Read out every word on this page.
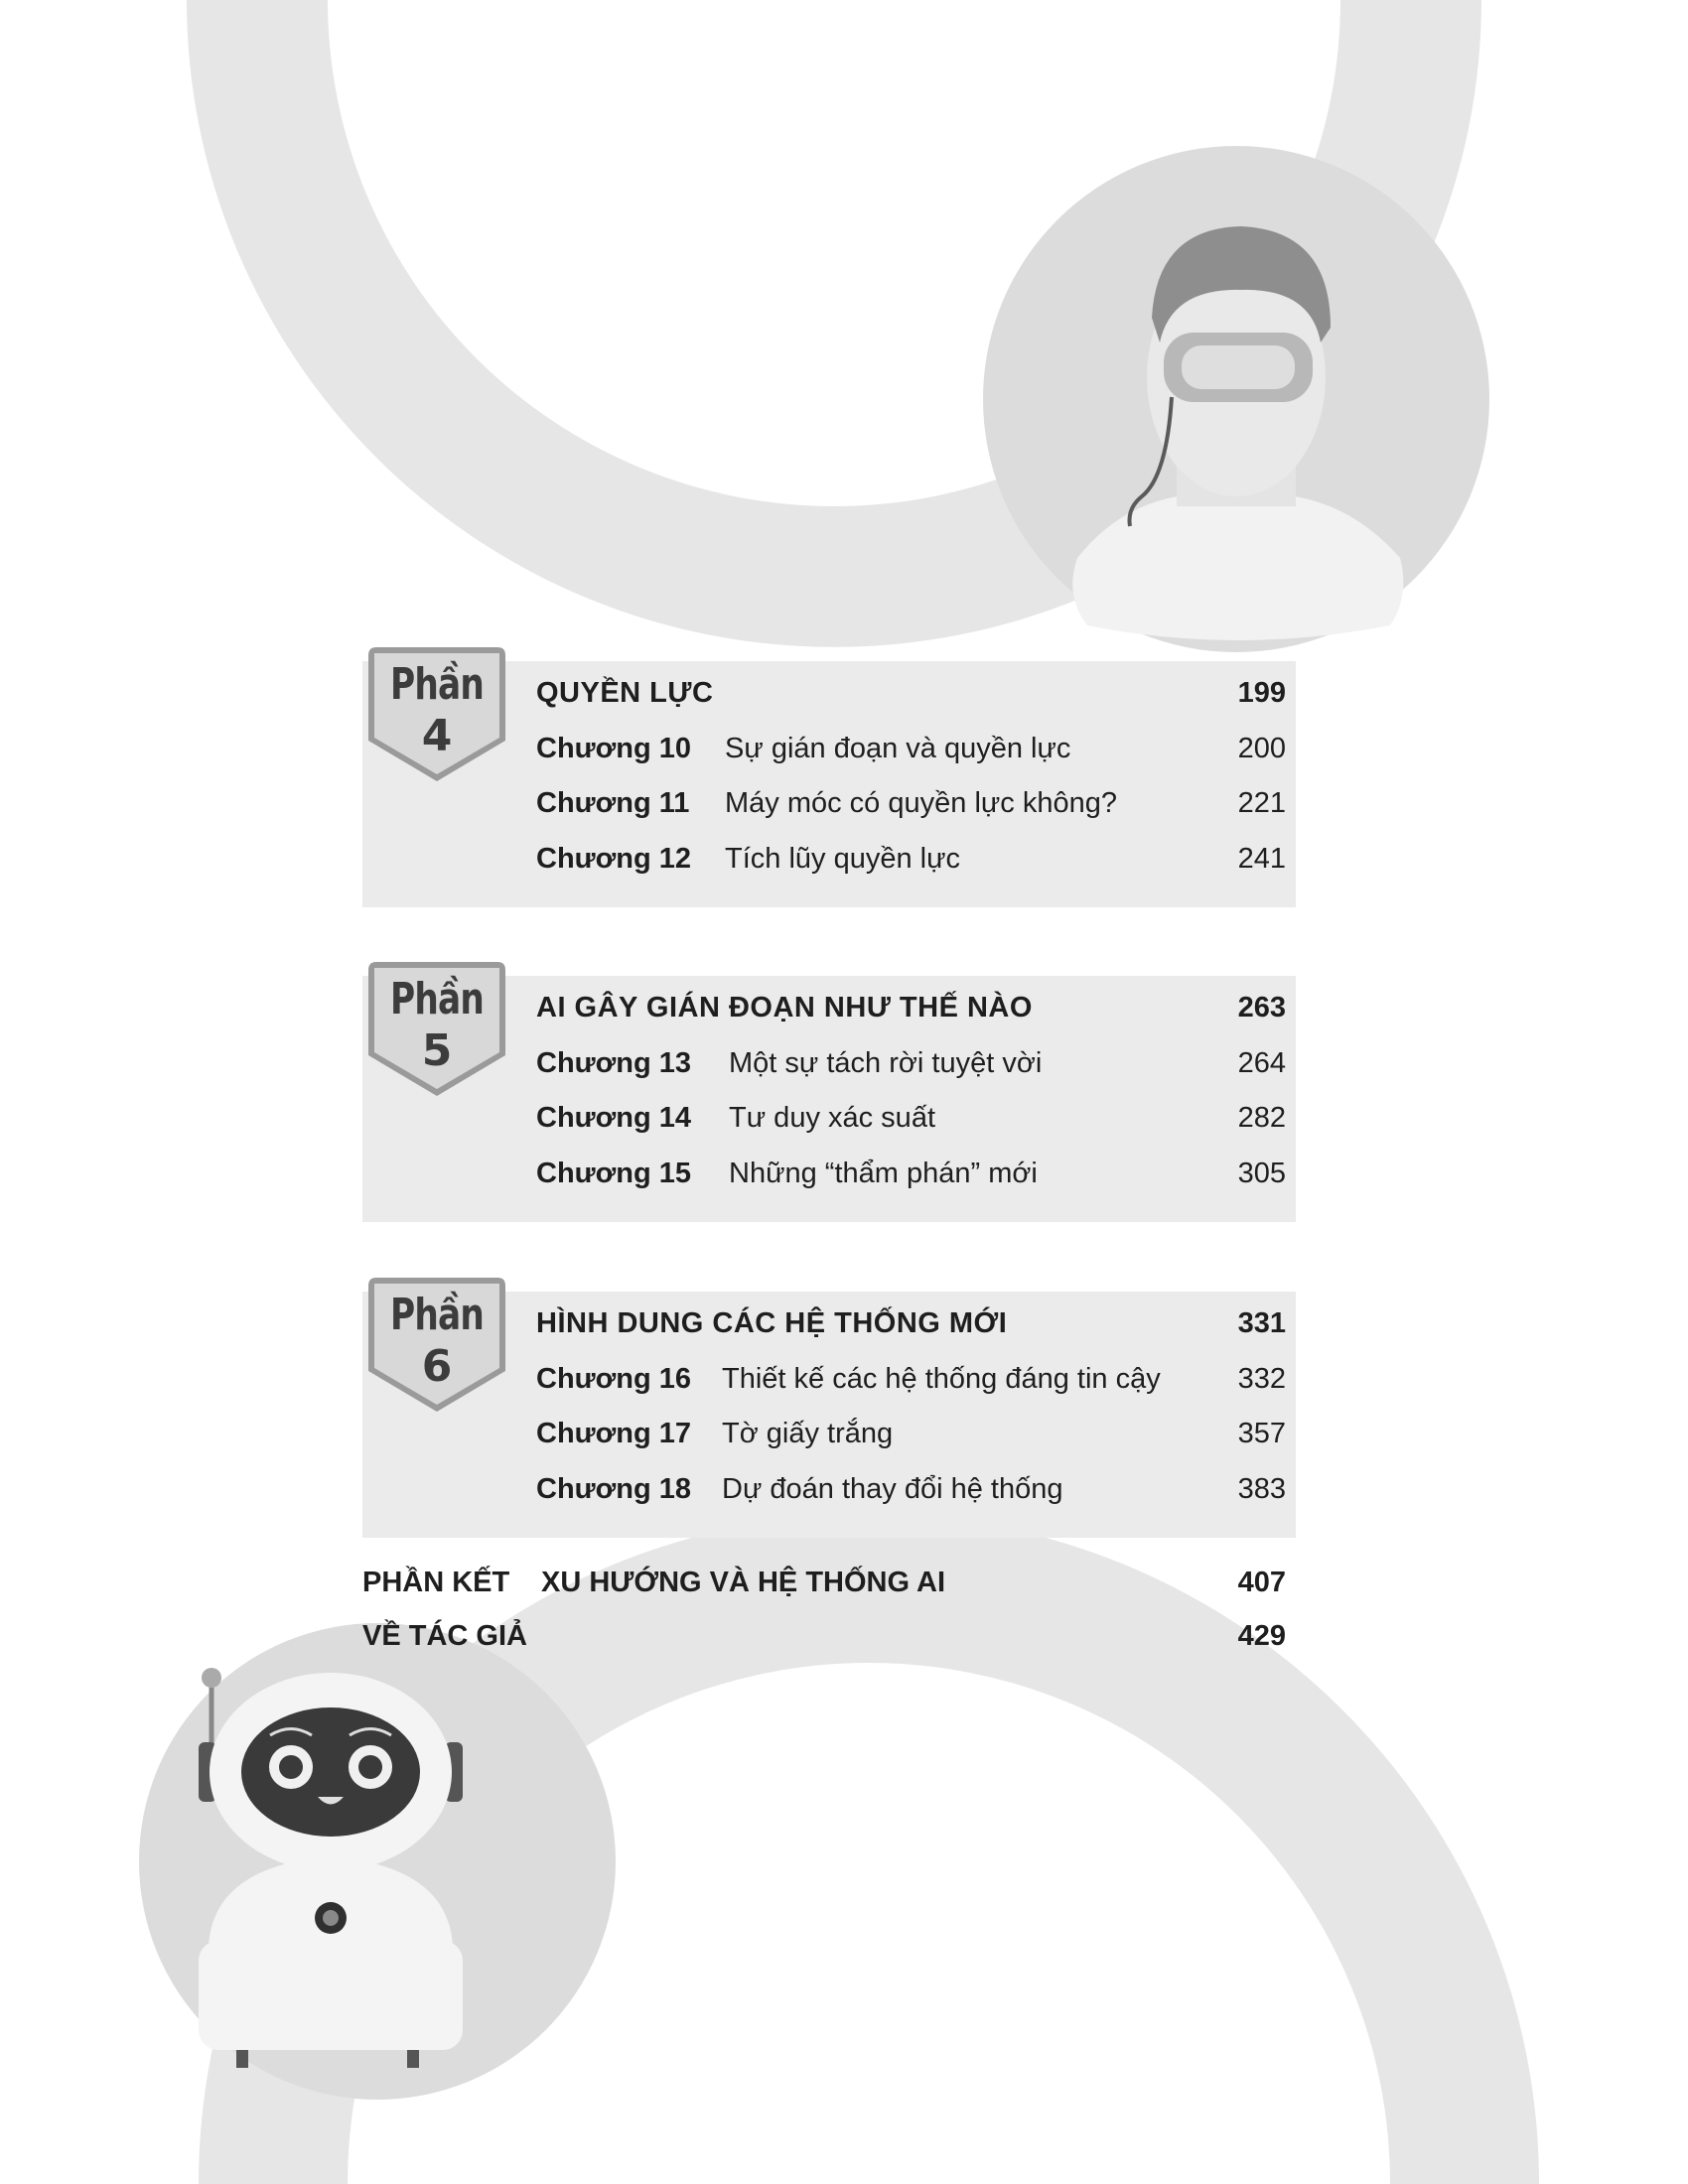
Phần
4
QUYỀN LỰC	199
Chương 10 Sự gián đoạn và quyền lực	200
Chương 11 Máy móc có quyền lực không?	221
Chương 12 Tích lũy quyền lực	241
Phần
5
AI GÂY GIÁN ĐOẠN NHƯ THẾ NÀO	263
Chương 13 Một sự tách rời tuyệt vời	264
Chương 14 Tư duy xác suất	282
Chương 15 Những “thẩm phán” mới	305
Phần
6
HÌNH DUNG CÁC HỆ THỐNG MỚI	331
Chương 16 Thiết kế các hệ thống đáng tin cậy	332
Chương 17 Tờ giấy trắng	357
Chương 18 Dự đoán thay đổi hệ thống	383
PHẦN KẾT XU HƯỚNG VÀ HỆ THỐNG AI	407
VỀ TÁC GIẢ	429
